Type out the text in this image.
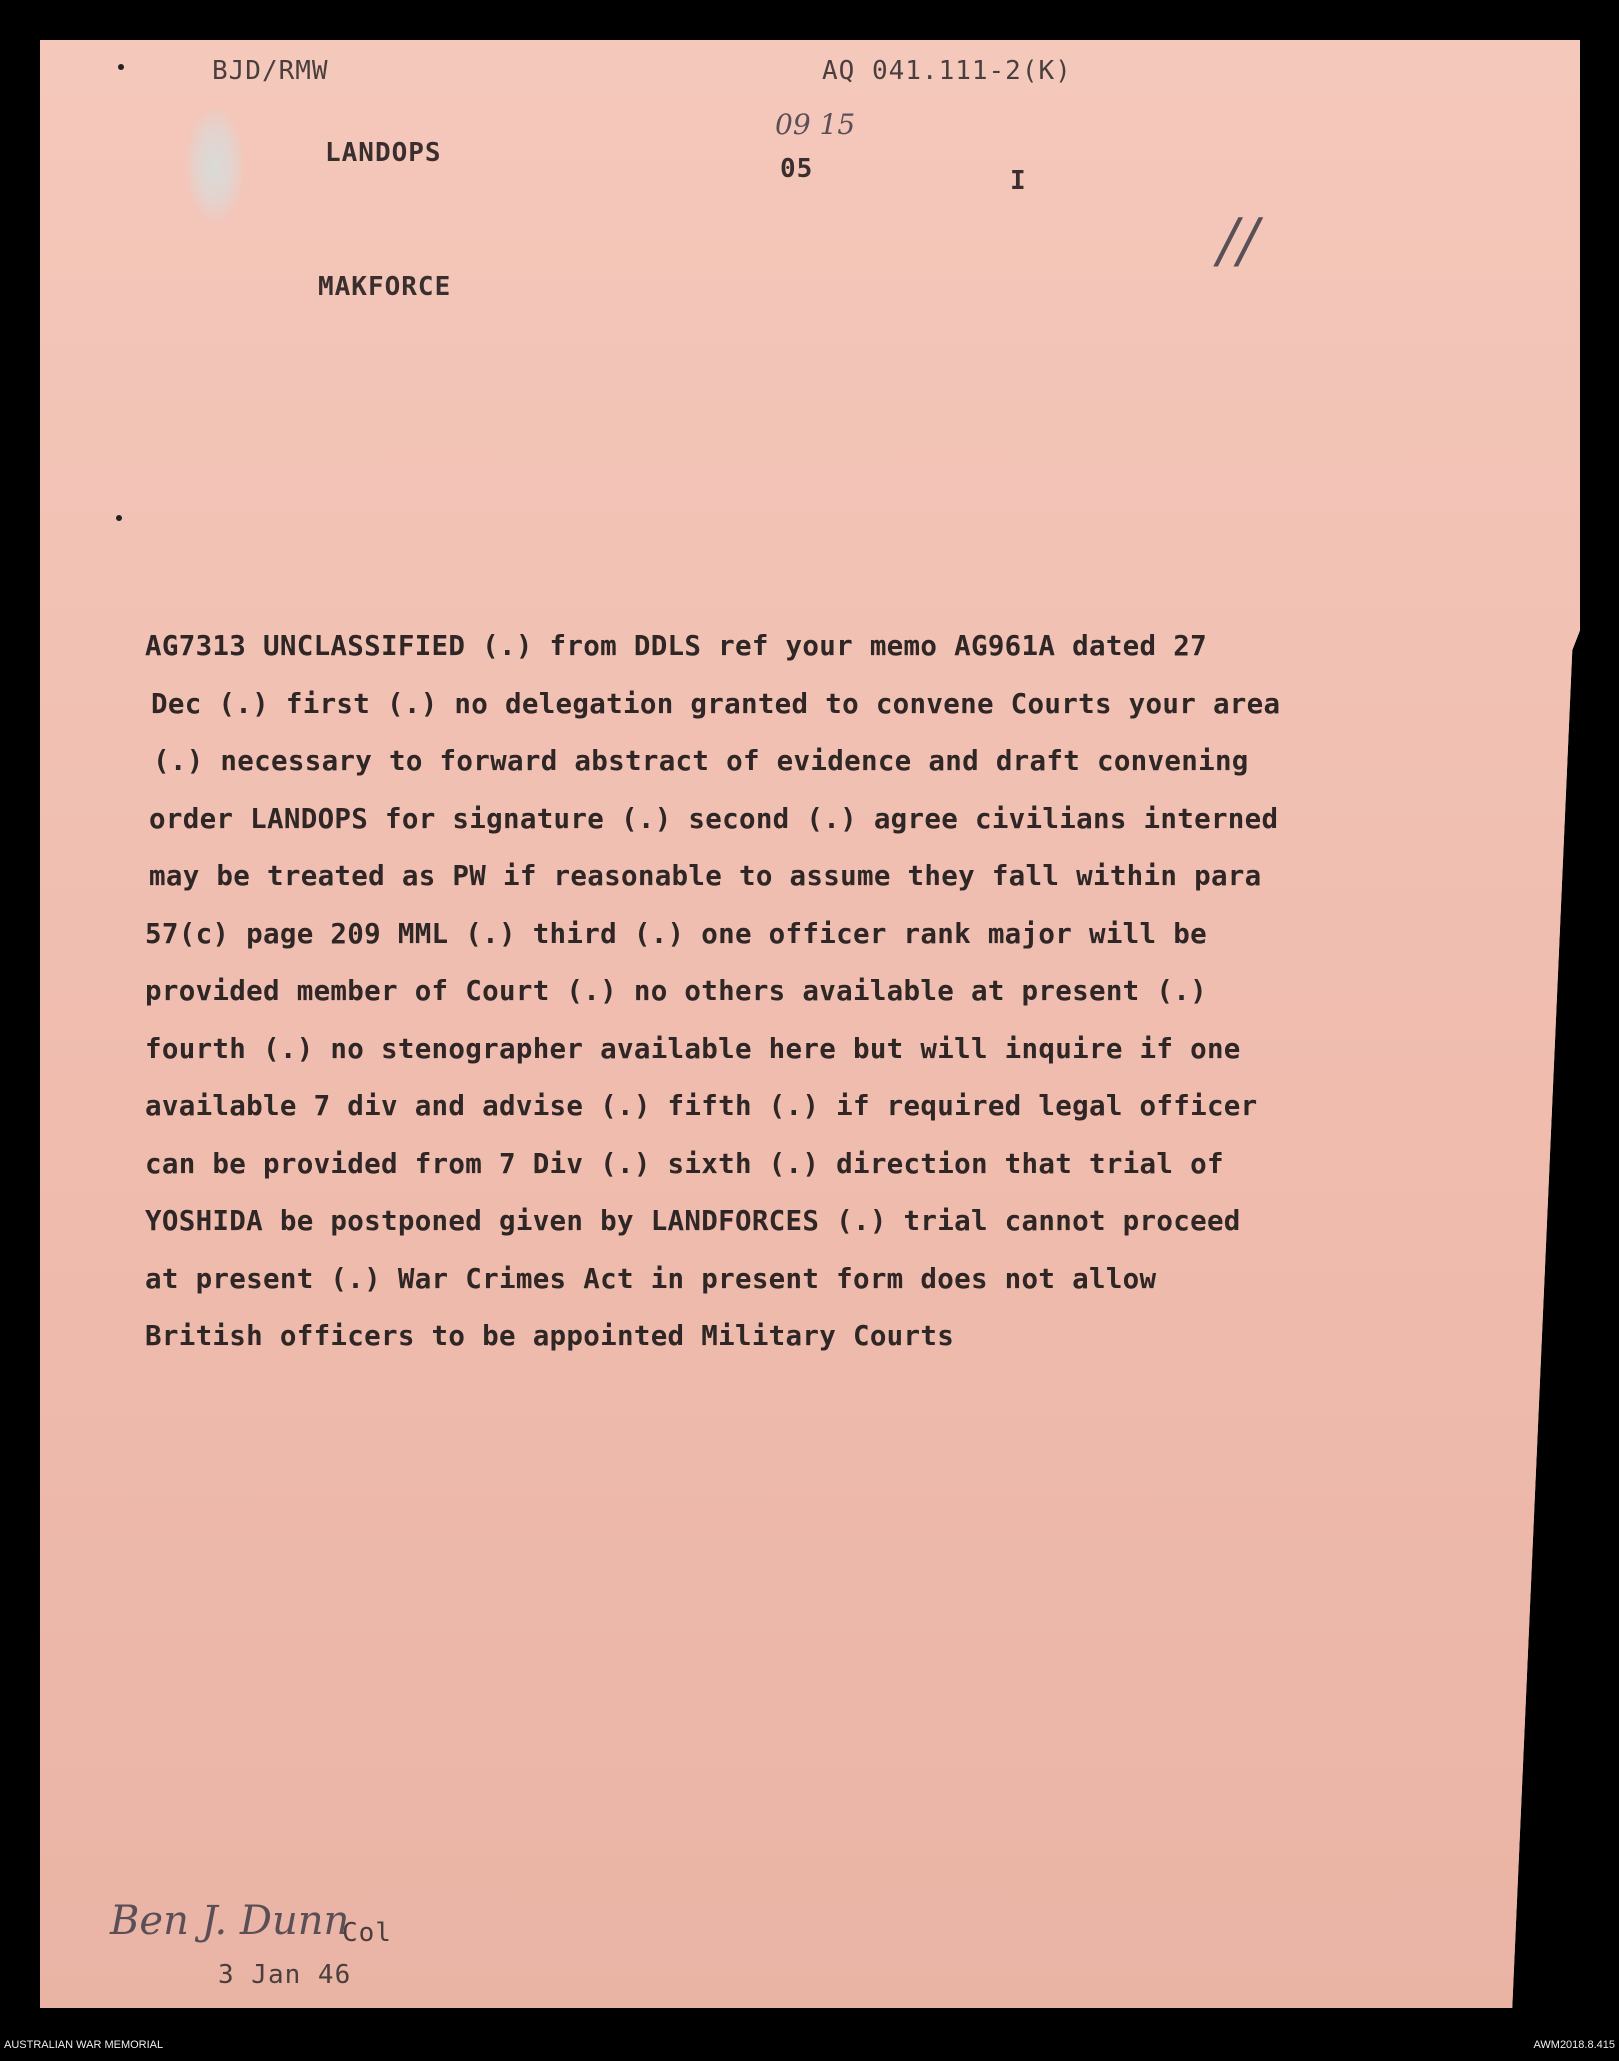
BJD/RMW	AQ 041.111-2(K)
LANDOPS
09 15
05	I
//
MAKFORCE
AG7313 UNCLASSIFIED (.) from DDLS ref your memo AG961A dated 27
Dec (.) first (.) no delegation granted to convene Courts your area
(.) necessary to forward abstract of evidence and draft convening
order LANDOPS for signature (.) second (.) agree civilians interned
may be treated as PW if reasonable to assume they fall within para
57(c) page 209 MML (.) third (.) one officer rank major will be
provided member of Court (.) no others available at present (.)
fourth (.) no stenographer available here but will inquire if one
available 7 div and advise (.) fifth (.) if required legal officer
can be provided from 7 Div (.) sixth (.) direction that trial of
YOSHIDA be postponed given by LANDFORCES (.) trial cannot proceed
at present (.) War Crimes Act in present form does not allow
British officers to be appointed Military Courts
Ben J. Dunn
Col
3 Jan 46
AUSTRALIAN WAR MEMORIAL	AWM2018.8.415
